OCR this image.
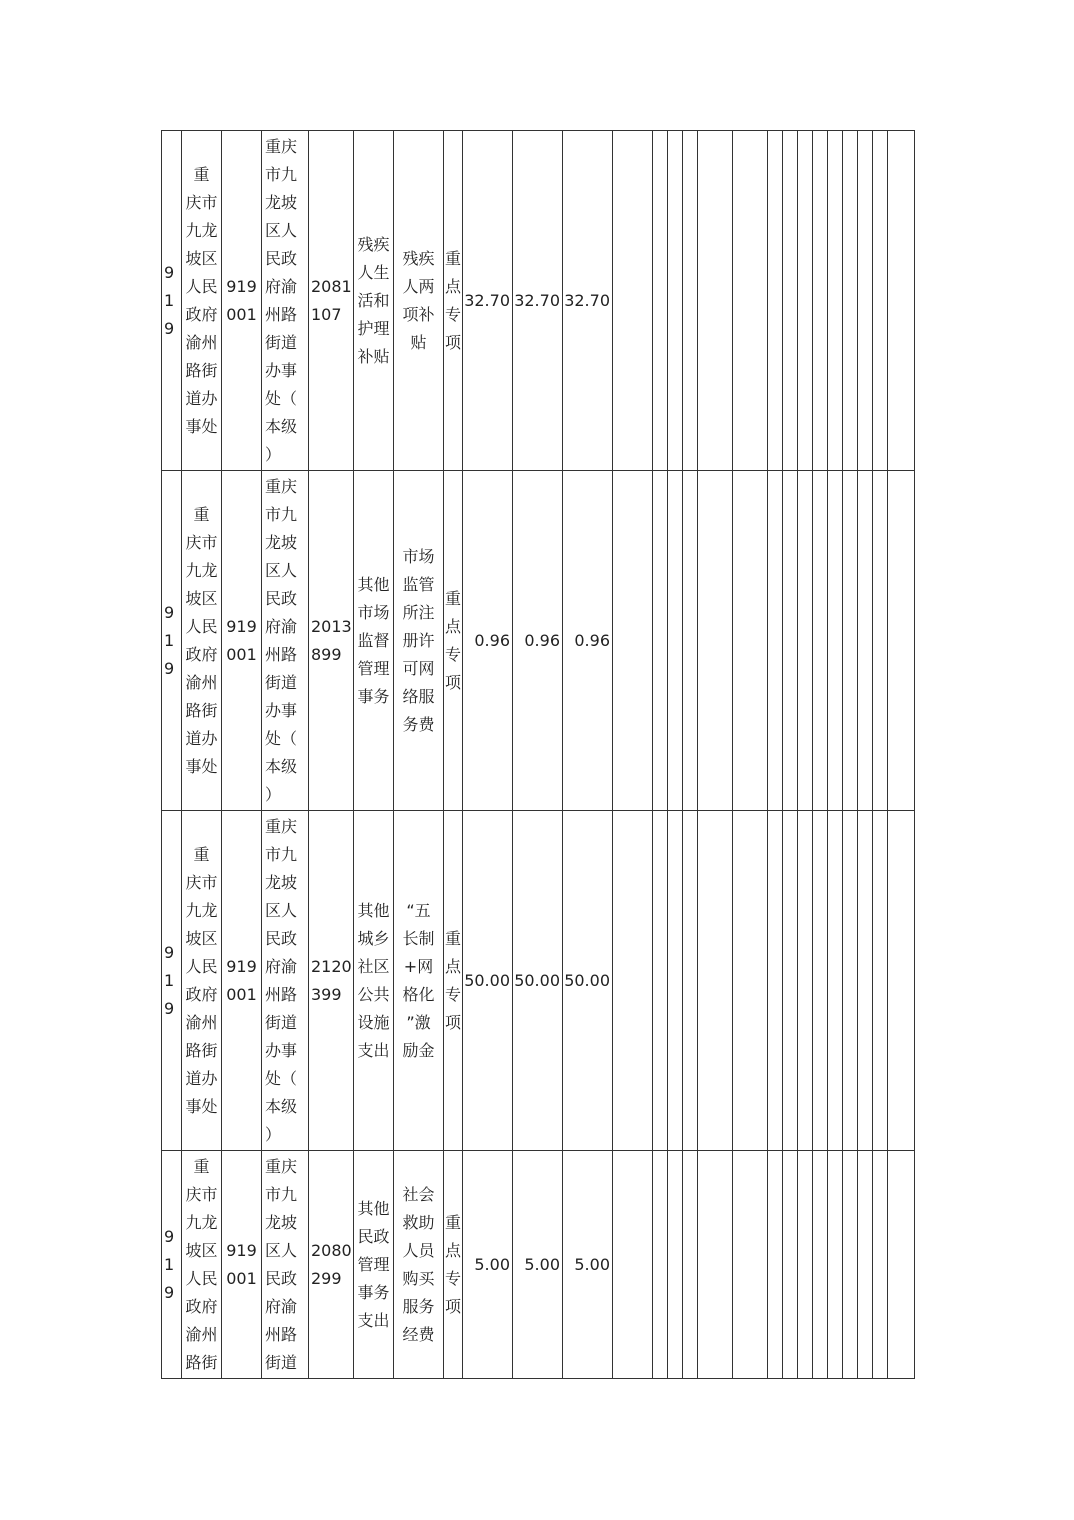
9
1
9
重
庆市
九龙
坡区
人民
政府
渝州
路街
道办
事处
919
001
重庆
市九
龙坡
区人
民政
府渝
州路
街道
办事
处（
本级
）
2081
107
残疾
人生
活和
护理
补贴
残疾
人两
项补
贴
重
点
专
项
32.70 32.70 32.70
9
1
9
重
庆市
九龙
坡区
人民
政府
渝州
路街
道办
事处
919
001
重庆
市九
龙坡
区人
民政
府渝
州路
街道
办事
处（
本级
）
2013
899
其他
市场
监督
管理
事务
市场
监管
所注
册许
可网
络服
务费
重
点
专
项
0.96 0.96 0.96
9
1
9
重
庆市
九龙
坡区
人民
政府
渝州
路街
道办
事处
919
001
重庆
市九
龙坡
区人
民政
府渝
州路
街道
办事
处（
本级
）
2120
399
其他
城乡
社区
公共
设施
支出
“五
长制
+网
格化
”激
励金
重
点
专
项
50.00 50.00 50.00
9
1
9
重
庆市
九龙
坡区
人民
政府
渝州
路街
919
001
重庆
市九
龙坡
区人
民政
府渝
州路
街道
2080
299
其他
民政
管理
事务
支出
社会
救助
人员
购买
服务
经费
重
点
专
项
5.00 5.00 5.00
